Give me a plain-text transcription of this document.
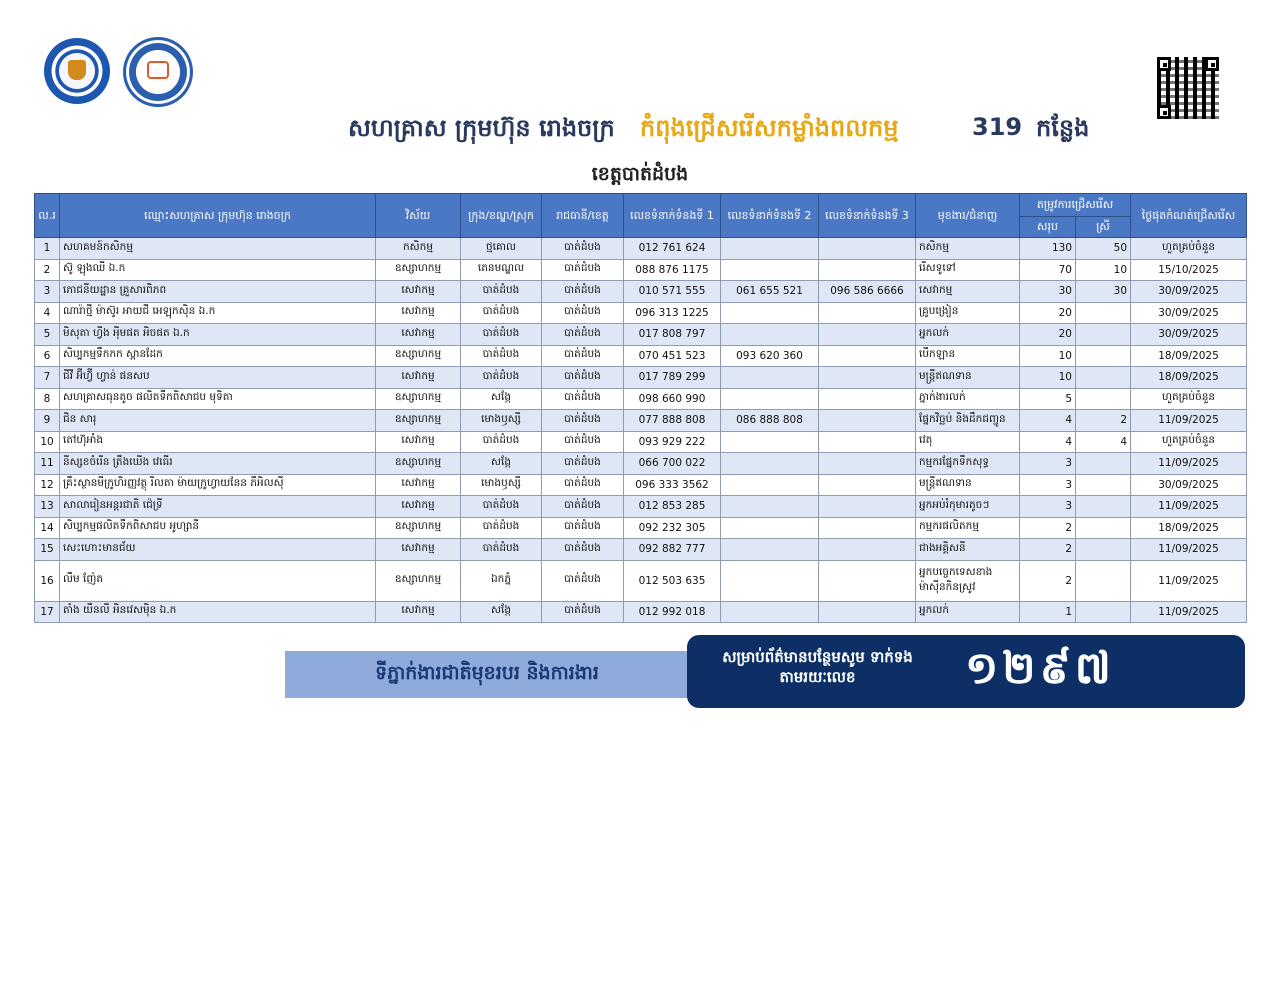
សហគ្រាស ក្រុមហ៊ុន រោងចក្រ កំពុងជ្រើសរើសកម្លាំងពលកម្ម	319 កន្លែង
ខេត្តបាត់ដំបង
ល.រ	ឈ្មោះសហគ្រាស ក្រុមហ៊ុន រោងចក្រ	វិស័យ	ក្រុង/ខណ្ឌ/ស្រុក	រាជធានី/ខេត្ត	លេខទំនាក់ទំនងទី 1	លេខទំនាក់ទំនងទី 2	លេខទំនាក់ទំនងទី 3	មុខងារ/ជំនាញ	តម្រូវការជ្រើសរើស		ថ្ងៃផុតកំណត់ជ្រើសរើស
									សរុប	ស្រី	
1	សហគមន៍កសិកម្ម	កសិកម្ម	ថ្មគោល	បាត់ដំបង	012 761 624			កសិកម្ម	130	50	ហួតគ្រប់ចំនួន
2	ស៊ូ ឡុងឈី ឯ.ក	ឧស្សាហកម្ម	តេនមណ្ឌល	បាត់ដំបង	088 876 1175			រើសទូទៅ	70	10	15/10/2025
3	ភោជនីយដ្ឋាន គ្រួសារពិភព	សេវាកម្ម	បាត់ដំបង	បាត់ដំបង	010 571 555	061 655 521	096 586 6666	សេវាកម្ម	30	30	30/09/2025
4	ណារ៉ាថ្មី ម៉ាស៊ូរ អាយជី អេឡុកស៊ិន ឯ.ក	សេវាកម្ម	បាត់ដំបង	បាត់ដំបង	096 313 1225			គ្រូបង្រៀន	20		30/09/2025
5	មិសុតា ហ្វីង អុីមផត អិចផត ឯ.ក	សេវាកម្ម	បាត់ដំបង	បាត់ដំបង	017 808 797			អ្នកលក់	20		30/09/2025
6	សិប្បកម្មទឹកកក ស្ពានដែក	ឧស្សាហកម្ម	បាត់ដំបង	បាត់ដំបង	070 451 523	093 620 360		បើកឡាន	10		18/09/2025
7	ជីវី អ៊ីហ្វ៊ី ហ្វាន់ ផនសប	សេវាកម្ម	បាត់ដំបង	បាត់ដំបង	017 789 299			មន្ត្រីឥណទាន	10		18/09/2025
8	សហគ្រាសធុនតូច ផលិតទឹកពិសាជប មុទិតា	ឧស្សាហកម្ម	សង្កែ	បាត់ដំបង	098 660 990			ភ្នាក់ងារលក់	5		ហួតគ្រប់ចំនួន
9	ជិន សារុ	ឧស្សាហកម្ម	មោងឫស្សី	បាត់ដំបង	077 888 808	086 888 808		ផ្នែកវិច្ឆប់ និងដឹកជញ្ជូន	4	2	11/09/2025
10	តៅហ៊ុអាំង	សេវាកម្ម	បាត់ដំបង	បាត់ដំបង	093 929 222			វេតុ	4	4	ហួតគ្រប់ចំនួន
11	នីស្សខចំរើន ត្រឹងឃើង វេធើរ	ឧស្សាហកម្ម	សង្កែ	បាត់ដំបង	066 700 022			កម្មករផ្នែកទឹកសុទ្ធ	3		11/09/2025
12	គ្រឹះស្ថានមីក្រូហិរញ្ញវត្ថុ រីលតា ម៉ាយក្រូហ្វាយនែន ភីអិលស៊ី	សេវាកម្ម	មោងឫស្សី	បាត់ដំបង	096 333 3562			មន្ត្រីឥណទាន	3		30/09/2025
13	សាលារៀនអន្តរជាតិ ជ៉េទ្រី	សេវាកម្ម	បាត់ដំបង	បាត់ដំបង	012 853 285			អ្នកអប់រំកុមារតូចៗ	3		11/09/2025
14	សិប្បកម្មផលិតទឹកពិសាជប អូហ្សានី	ឧស្សាហកម្ម	បាត់ដំបង	បាត់ដំបង	092 232 305			កម្មករផលិតកម្ម	2		18/09/2025
15	សេះហោះមានជ័យ	សេវាកម្ម	បាត់ដំបង	បាត់ដំបង	092 882 777			ជាងអគ្គិសនី	2		11/09/2025
16	លឹម ញ៉ែត	ឧស្សាហកម្ម	ឯកភ្នំ	បាត់ដំបង	012 503 635			អ្នកបច្ចេកទេសខាងម៉ាស៊ីនកិនស្រូវ	2		11/09/2025
17	តាំង យឺនលី អិនវេសម៉ិន ឯ.ក	សេវាកម្ម	សង្កែ	បាត់ដំបង	012 992 018			អ្នកលក់	1		11/09/2025
ទីភ្នាក់ងារជាតិមុខរបរ និងការងារ
សម្រាប់ព័ត៌មានបន្ថែមសូម ទាក់ទងតាមរយៈលេខ	១២៩៧
